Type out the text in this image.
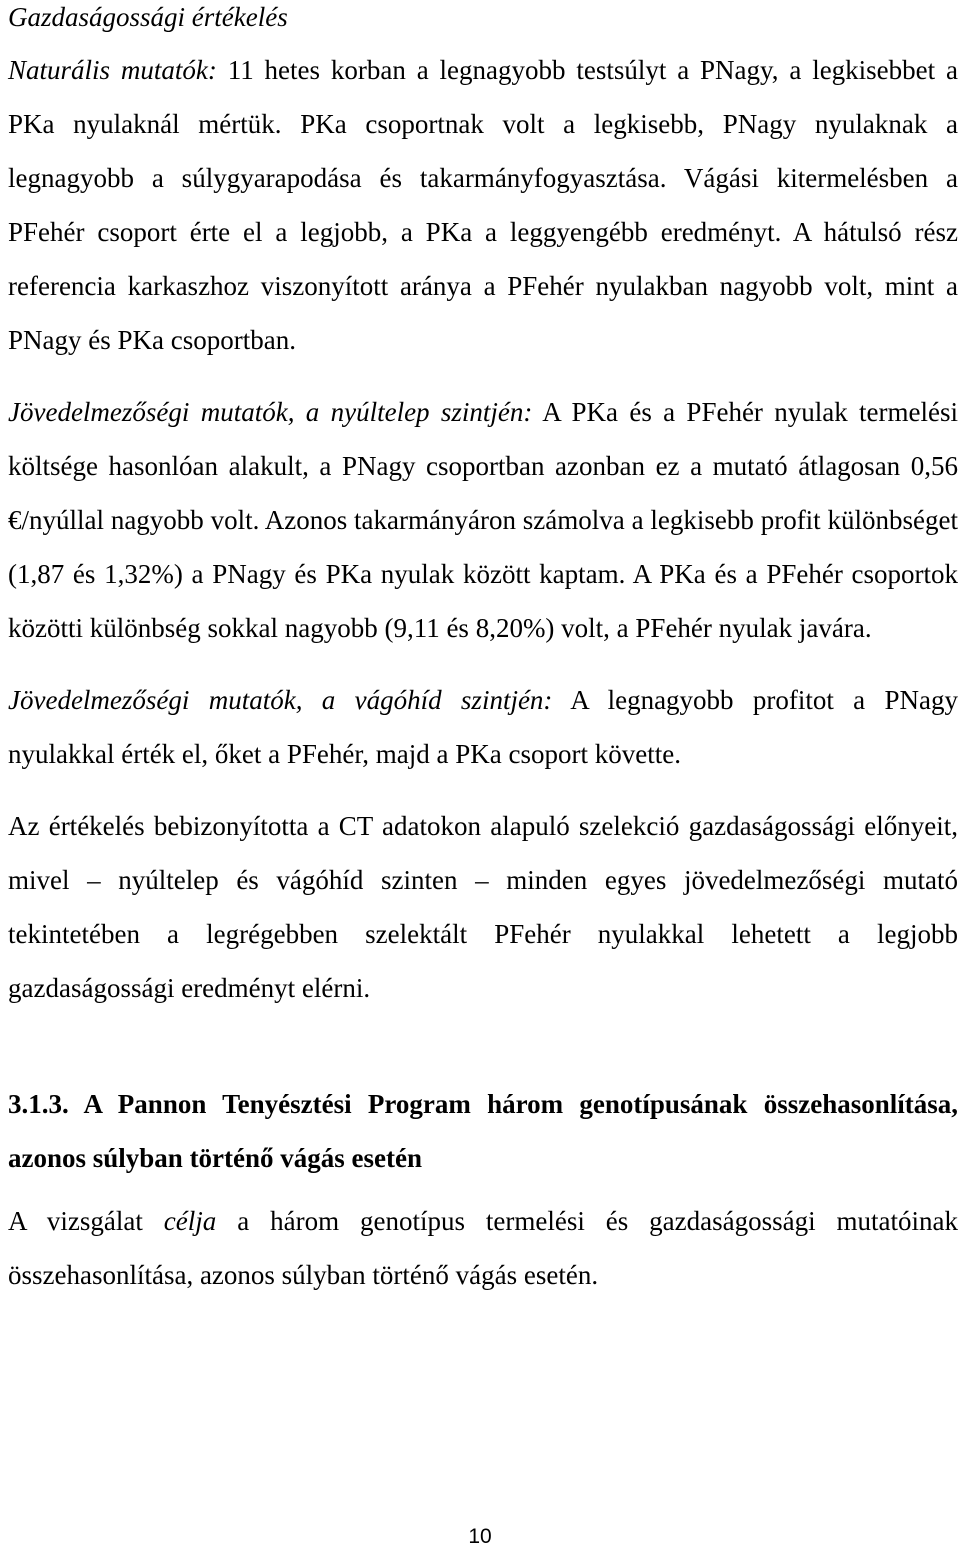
Gazdaságossági értékelés

Naturális mutatók: 11 hetes korban a legnagyobb testsúlyt a PNagy, a legkisebbet a PKa nyulaknál mértük. PKa csoportnak volt a legkisebb, PNagy nyulaknak a legnagyobb a súlygyarapodása és takarmányfogyasztása. Vágási kitermelésben a PFehér csoport érte el a legjobb, a PKa a leggyengébb eredményt. A hátulsó rész referencia karkaszhoz viszonyított aránya a PFehér nyulakban nagyobb volt, mint a PNagy és PKa csoportban.

Jövedelmezőségi mutatók, a nyúltelep szintjén: A PKa és a PFehér nyulak termelési költsége hasonlóan alakult, a PNagy csoportban azonban ez a mutató átlagosan 0,56 €/nyúllal nagyobb volt. Azonos takarmányáron számolva a legkisebb profit különbséget (1,87 és 1,32%) a PNagy és PKa nyulak között kaptam. A PKa és a PFehér csoportok közötti különbség sokkal nagyobb (9,11 és 8,20%) volt, a PFehér nyulak javára.

Jövedelmezőségi mutatók, a vágóhíd szintjén: A legnagyobb profitot a PNagy nyulakkal érték el, őket a PFehér, majd a PKa csoport követte.

Az értékelés bebizonyította a CT adatokon alapuló szelekció gazdaságossági előnyeit, mivel – nyúltelep és vágóhíd szinten – minden egyes jövedelmezőségi mutató tekintetében a legrégebben szelektált PFehér nyulakkal lehetett a legjobb gazdaságossági eredményt elérni.

3.1.3. A Pannon Tenyésztési Program három genotípusának összehasonlítása, azonos súlyban történő vágás esetén

A vizsgálat célja a három genotípus termelési és gazdaságossági mutatóinak összehasonlítása, azonos súlyban történő vágás esetén.

10
